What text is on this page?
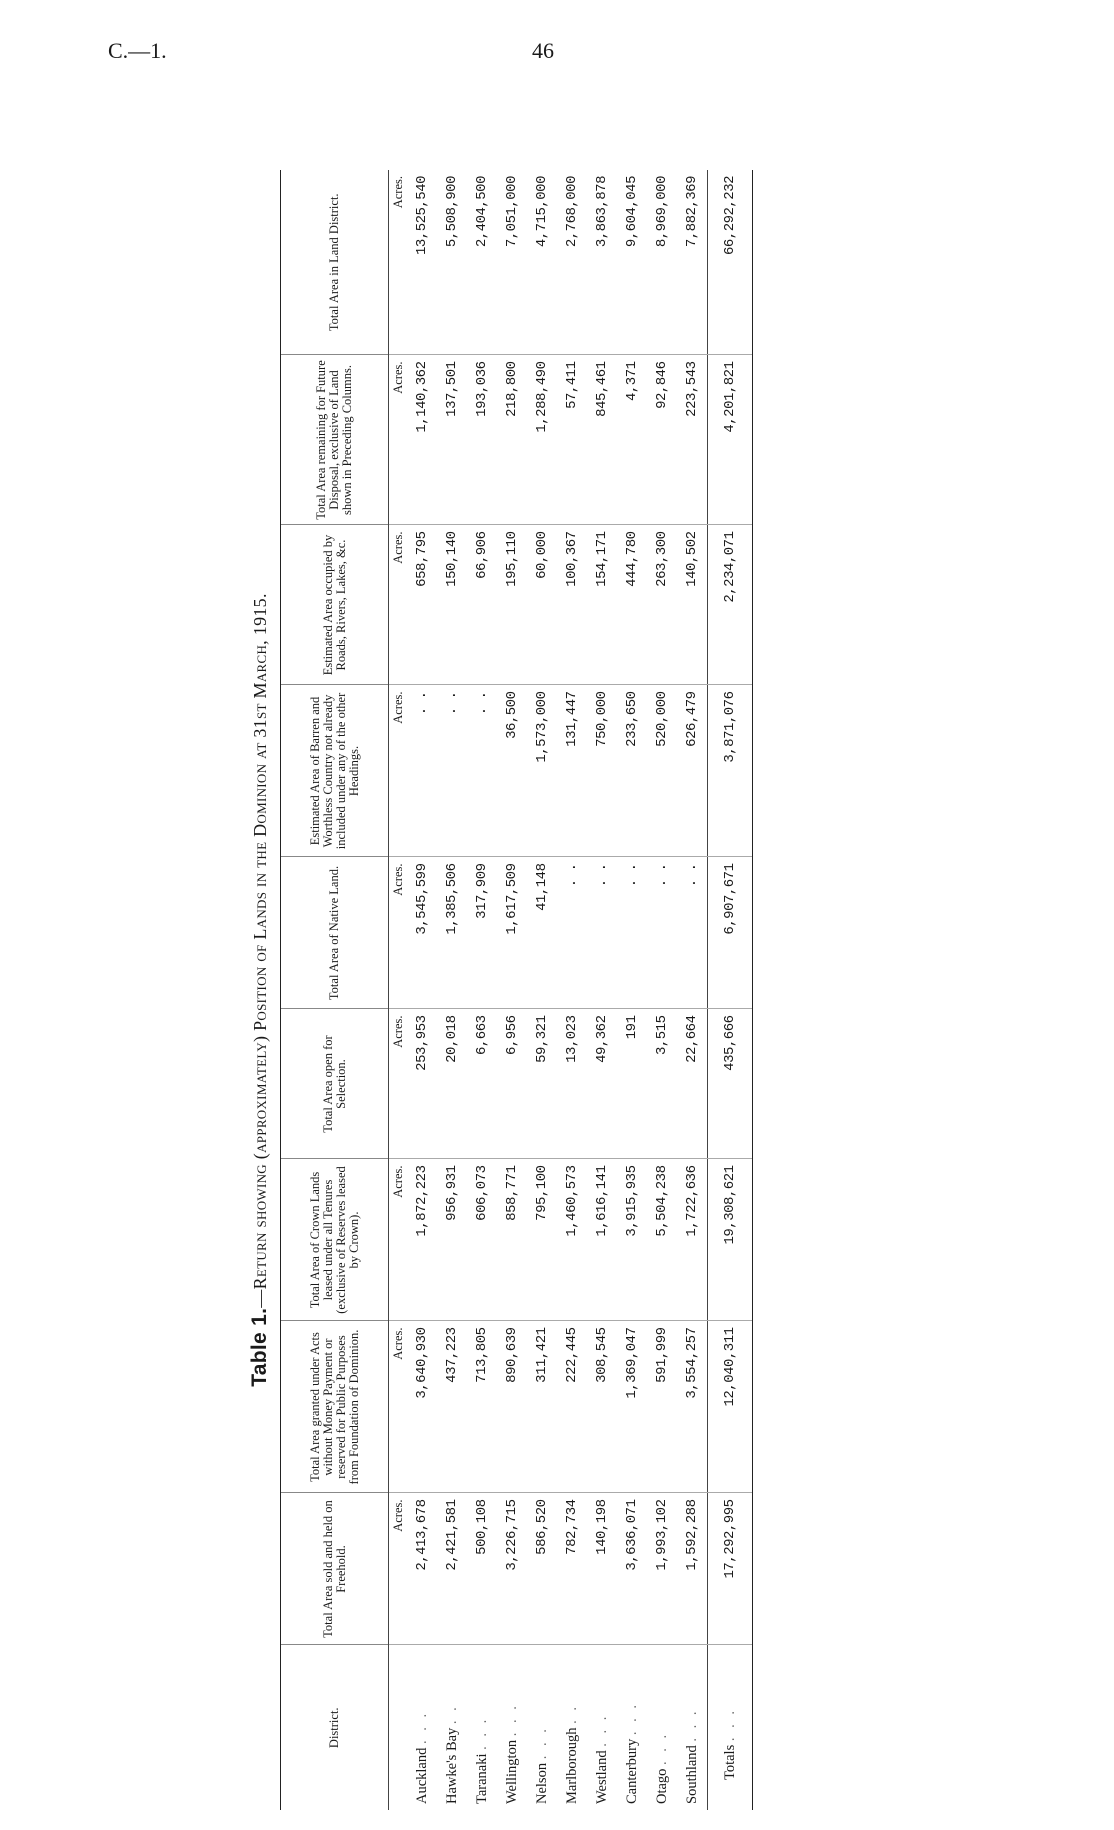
C.—1.	46
Table 1.—Return showing (approximately) Position of Lands in the Dominion at 31st March, 1915.
District.	Total Area sold and held on Freehold.	Total Area granted under Acts without Money Payment or reserved for Public Purposes from Foundation of Dominion.	Total Area of Crown Lands leased under all Tenures (exclusive of Reserves leased by Crown).	Total Area open for Selection.	Total Area of Native Land.	Estimated Area of Barren and Worthless Country not already included under any of the other Headings.	Estimated Area occupied by Roads, Rivers, Lakes, &c.	Total Area remaining for Future Disposal, exclusive of Land shown in Preceding Columns.	Total Area in Land District.
	Acres.	Acres.	Acres.	Acres.	Acres.	Acres.	Acres.	Acres.	Acres.
Auckland . . .	2,413,678	3,640,930	1,872,223	253,953	3,545,599	. .	658,795	1,140,362	13,525,540
Hawke's Bay . .	2,421,581	437,223	956,931	20,018	1,385,506	. .	150,140	137,501	5,508,900
Taranaki . . .	500,108	713,805	606,073	6,663	317,909	. .	66,906	193,036	2,404,500
Wellington . . .	3,226,715	890,639	858,771	6,956	1,617,509	36,500	195,110	218,800	7,051,000
Nelson . . .	586,520	311,421	795,100	59,321	41,148	1,573,000	60,000	1,288,490	4,715,000
Marlborough . .	782,734	222,445	1,460,573	13,023	. .	131,447	100,367	57,411	2,768,000
Westland . . .	140,198	308,545	1,616,141	49,362	. .	750,000	154,171	845,461	3,863,878
Canterbury . . .	3,636,071	1,369,047	3,915,935	191	. .	233,650	444,780	4,371	9,604,045
Otago . . .	1,993,102	591,999	5,504,238	3,515	. .	520,000	263,300	92,846	8,969,000
Southland . . .	1,592,288	3,554,257	1,722,636	22,664	. .	626,479	140,502	223,543	7,882,369
Totals . . .	17,292,995	12,040,311	19,308,621	435,666	6,907,671	3,871,076	2,234,071	4,201,821	66,292,232
